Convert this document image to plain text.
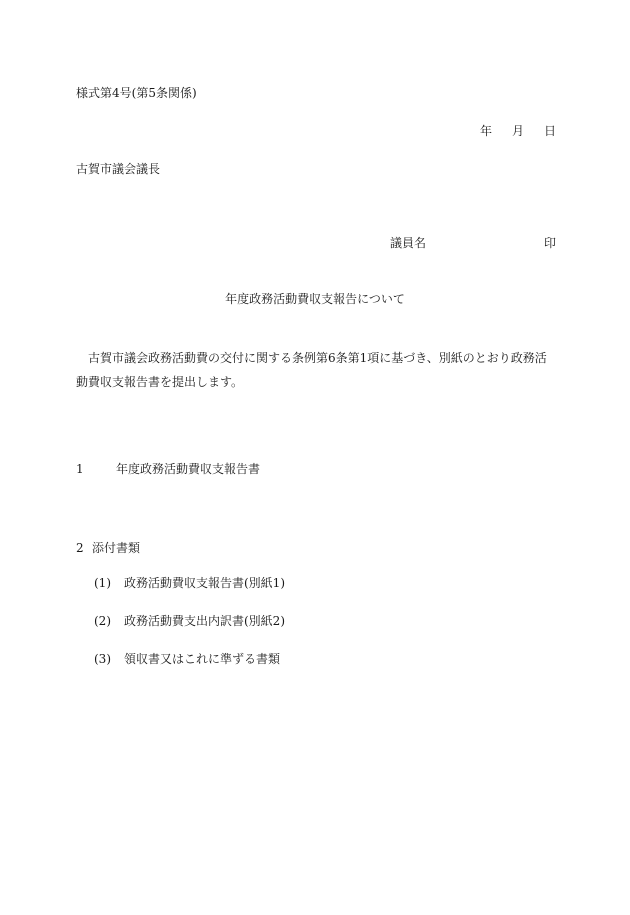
様式第4号(第5条関係)
年 月 日
古賀市議会議長
議員名	印
年度政務活動費収支報告について
古賀市議会政務活動費の交付に関する条例第6条第1項に基づき、別紙のとおり政務活動費収支報告書を提出します。
1	年度政務活動費収支報告書
2 添付書類
(1) 政務活動費収支報告書(別紙1)
(2) 政務活動費支出内訳書(別紙2)
(3) 領収書又はこれに準ずる書類
